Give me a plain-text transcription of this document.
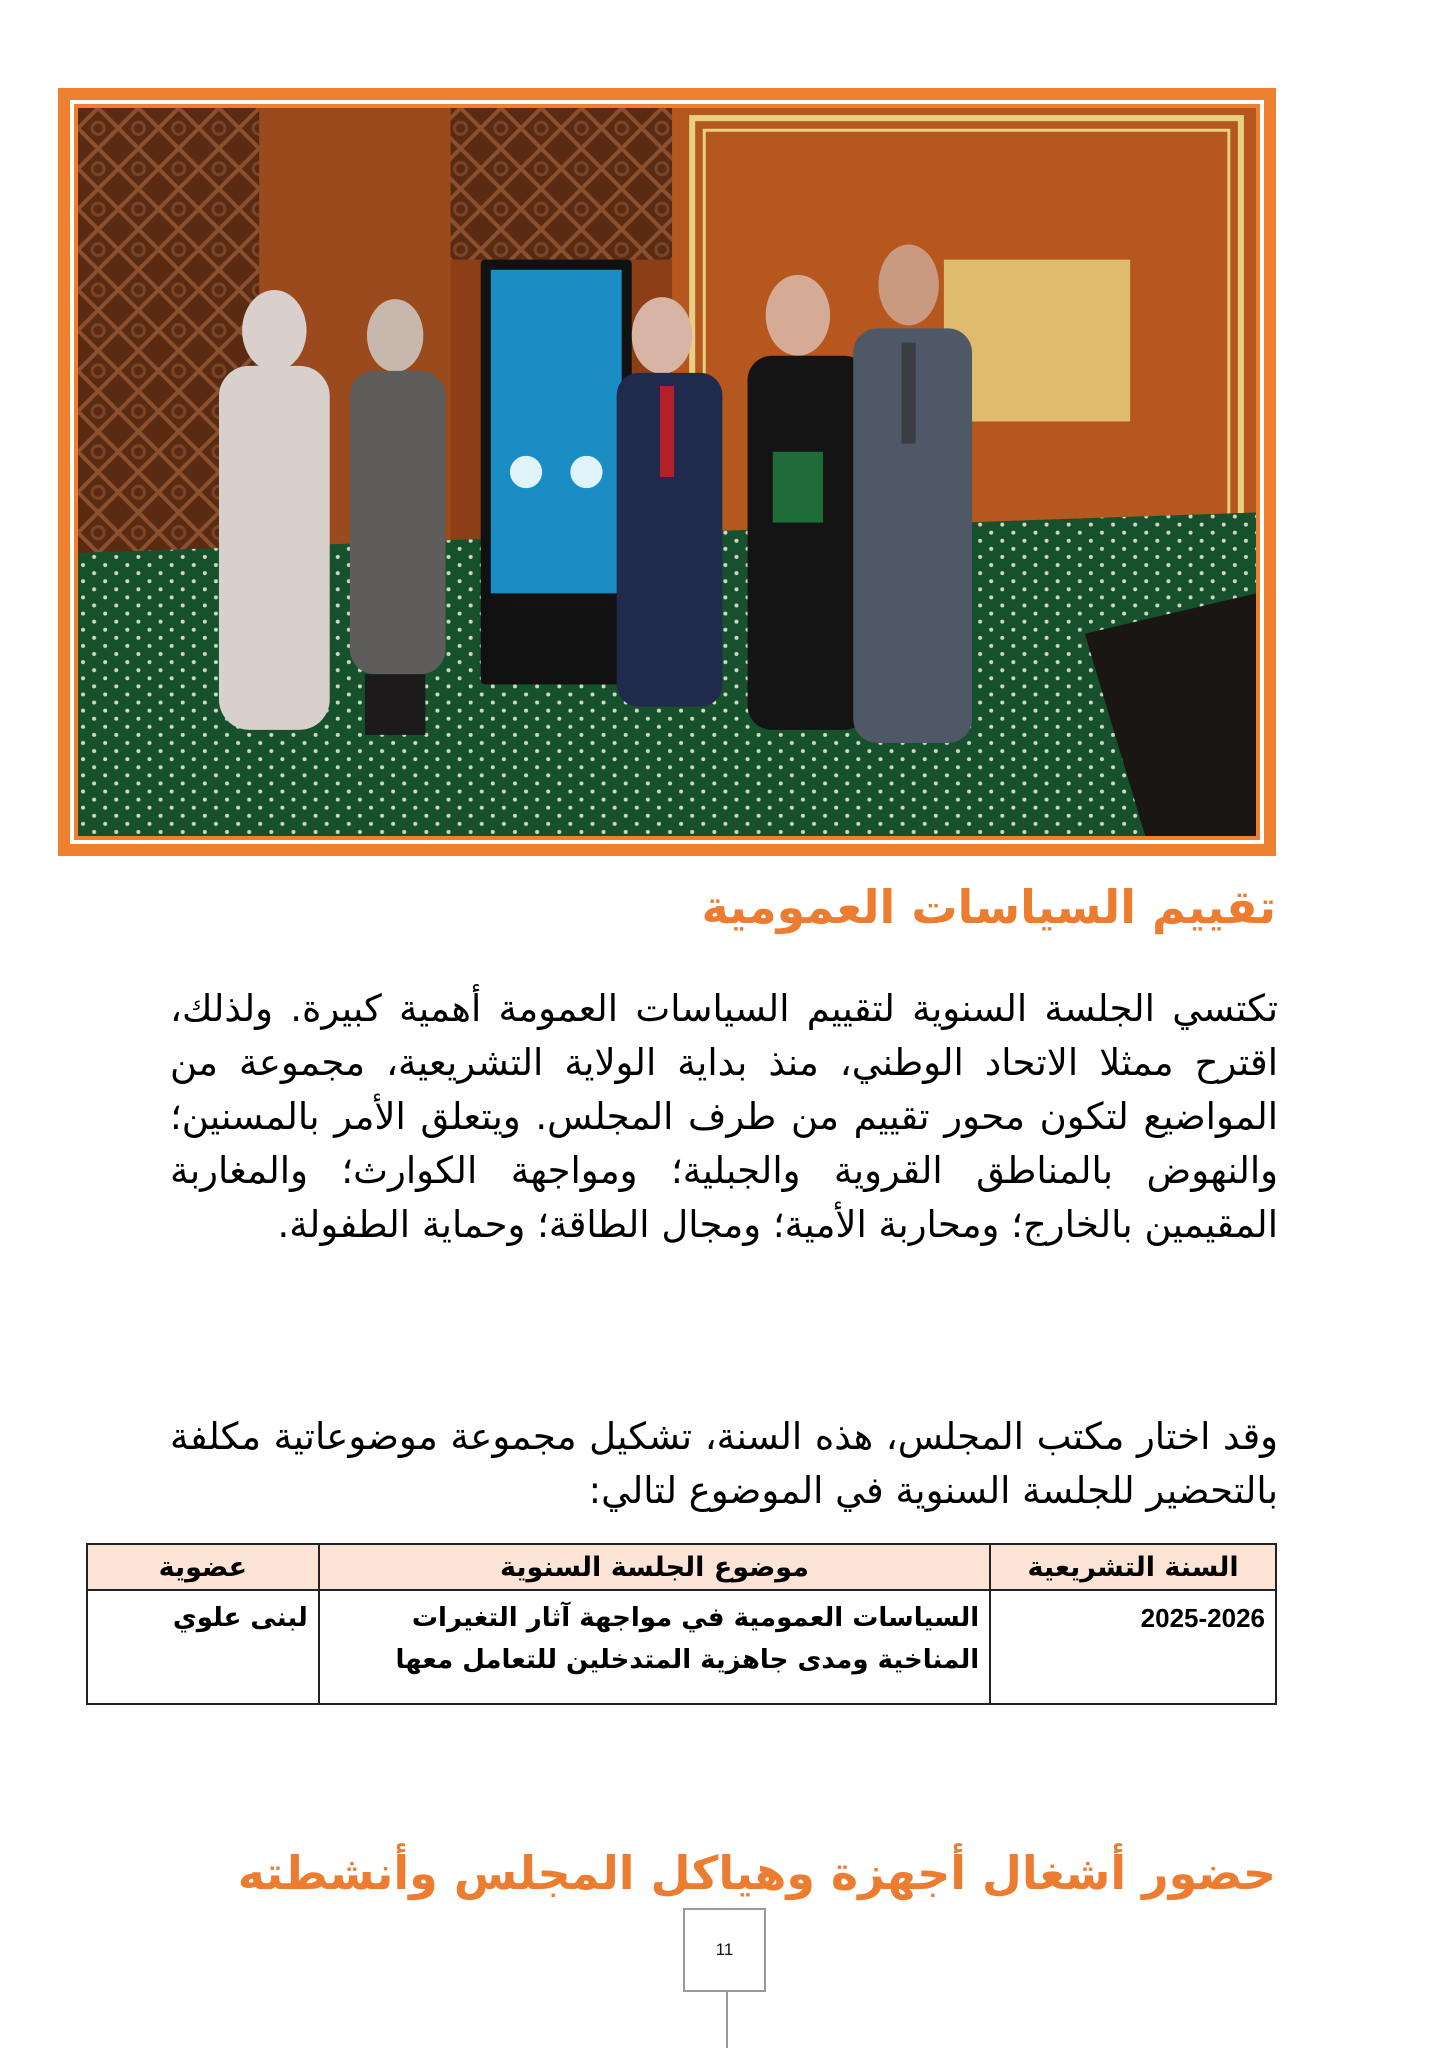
تقييم السياسات العمومية
تكتسي الجلسة السنوية لتقييم السياسات العمومة أهمية كبيرة. ولذلك، اقترح ممثلا الاتحاد الوطني، منذ بداية الولاية التشريعية، مجموعة من المواضيع لتكون محور تقييم من طرف المجلس. ويتعلق الأمر بالمسنين؛ والنهوض بالمناطق القروية والجبلية؛ ومواجهة الكوارث؛ والمغاربة المقيمين بالخارج؛ ومحاربة الأمية؛ ومجال الطاقة؛ وحماية الطفولة.
وقد اختار مكتب المجلس، هذه السنة، تشكيل مجموعة موضوعاتية مكلفة بالتحضير للجلسة السنوية في الموضوع لتالي:
السنة التشريعية	موضوع الجلسة السنوية	عضوية
2025-2026	السياسات العمومية في مواجهة آثار التغيرات المناخية ومدى جاهزية المتدخلين للتعامل معها	لبنى علوي
حضور أشغال أجهزة وهياكل المجلس وأنشطته
11
